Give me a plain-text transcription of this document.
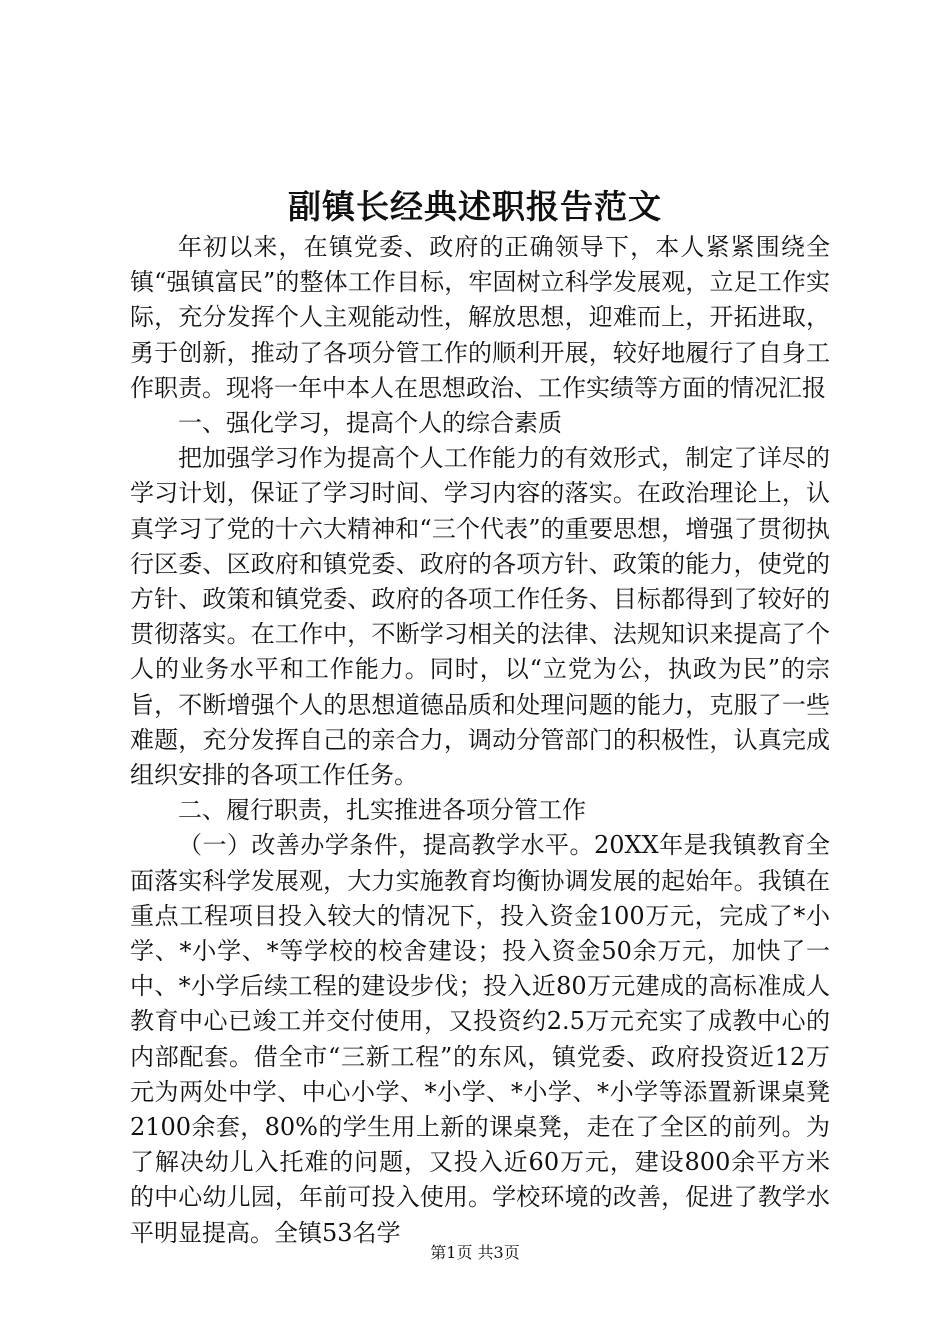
副镇长经典述职报告范文

年初以来，在镇党委、政府的正确领导下，本人紧紧围绕全镇“强镇富民”的整体工作目标，牢固树立科学发展观，立足工作实际，充分发挥个人主观能动性，解放思想，迎难而上，开拓进取，勇于创新，推动了各项分管工作的顺利开展，较好地履行了自身工作职责。现将一年中本人在思想政治、工作实绩等方面的情况汇报

一、强化学习，提高个人的综合素质

把加强学习作为提高个人工作能力的有效形式，制定了详尽的学习计划，保证了学习时间、学习内容的落实。在政治理论上，认真学习了党的十六大精神和“三个代表”的重要思想，增强了贯彻执行区委、区政府和镇党委、政府的各项方针、政策的能力，使党的方针、政策和镇党委、政府的各项工作任务、目标都得到了较好的贯彻落实。在工作中，不断学习相关的法律、法规知识来提高了个人的业务水平和工作能力。同时，以“立党为公，执政为民”的宗旨，不断增强个人的思想道德品质和处理问题的能力，克服了一些难题，充分发挥自己的亲合力，调动分管部门的积极性，认真完成组织安排的各项工作任务。

二、履行职责，扎实推进各项分管工作

（一）改善办学条件，提高教学水平。20XX年是我镇教育全面落实科学发展观，大力实施教育均衡协调发展的起始年。我镇在重点工程项目投入较大的情况下，投入资金100万元，完成了*小学、*小学、*等学校的校舍建设；投入资金50余万元，加快了一中、*小学后续工程的建设步伐；投入近80万元建成的高标准成人教育中心已竣工并交付使用，又投资约2.5万元充实了成教中心的内部配套。借全市“三新工程”的东风，镇党委、政府投资近12万元为两处中学、中心小学、*小学、*小学、*小学等添置新课桌凳2100余套，80%的学生用上新的课桌凳，走在了全区的前列。为了解决幼儿入托难的问题，又投入近60万元，建设800余平方米的中心幼儿园，年前可投入使用。学校环境的改善，促进了教学水平明显提高。全镇53名学

第1页 共3页
